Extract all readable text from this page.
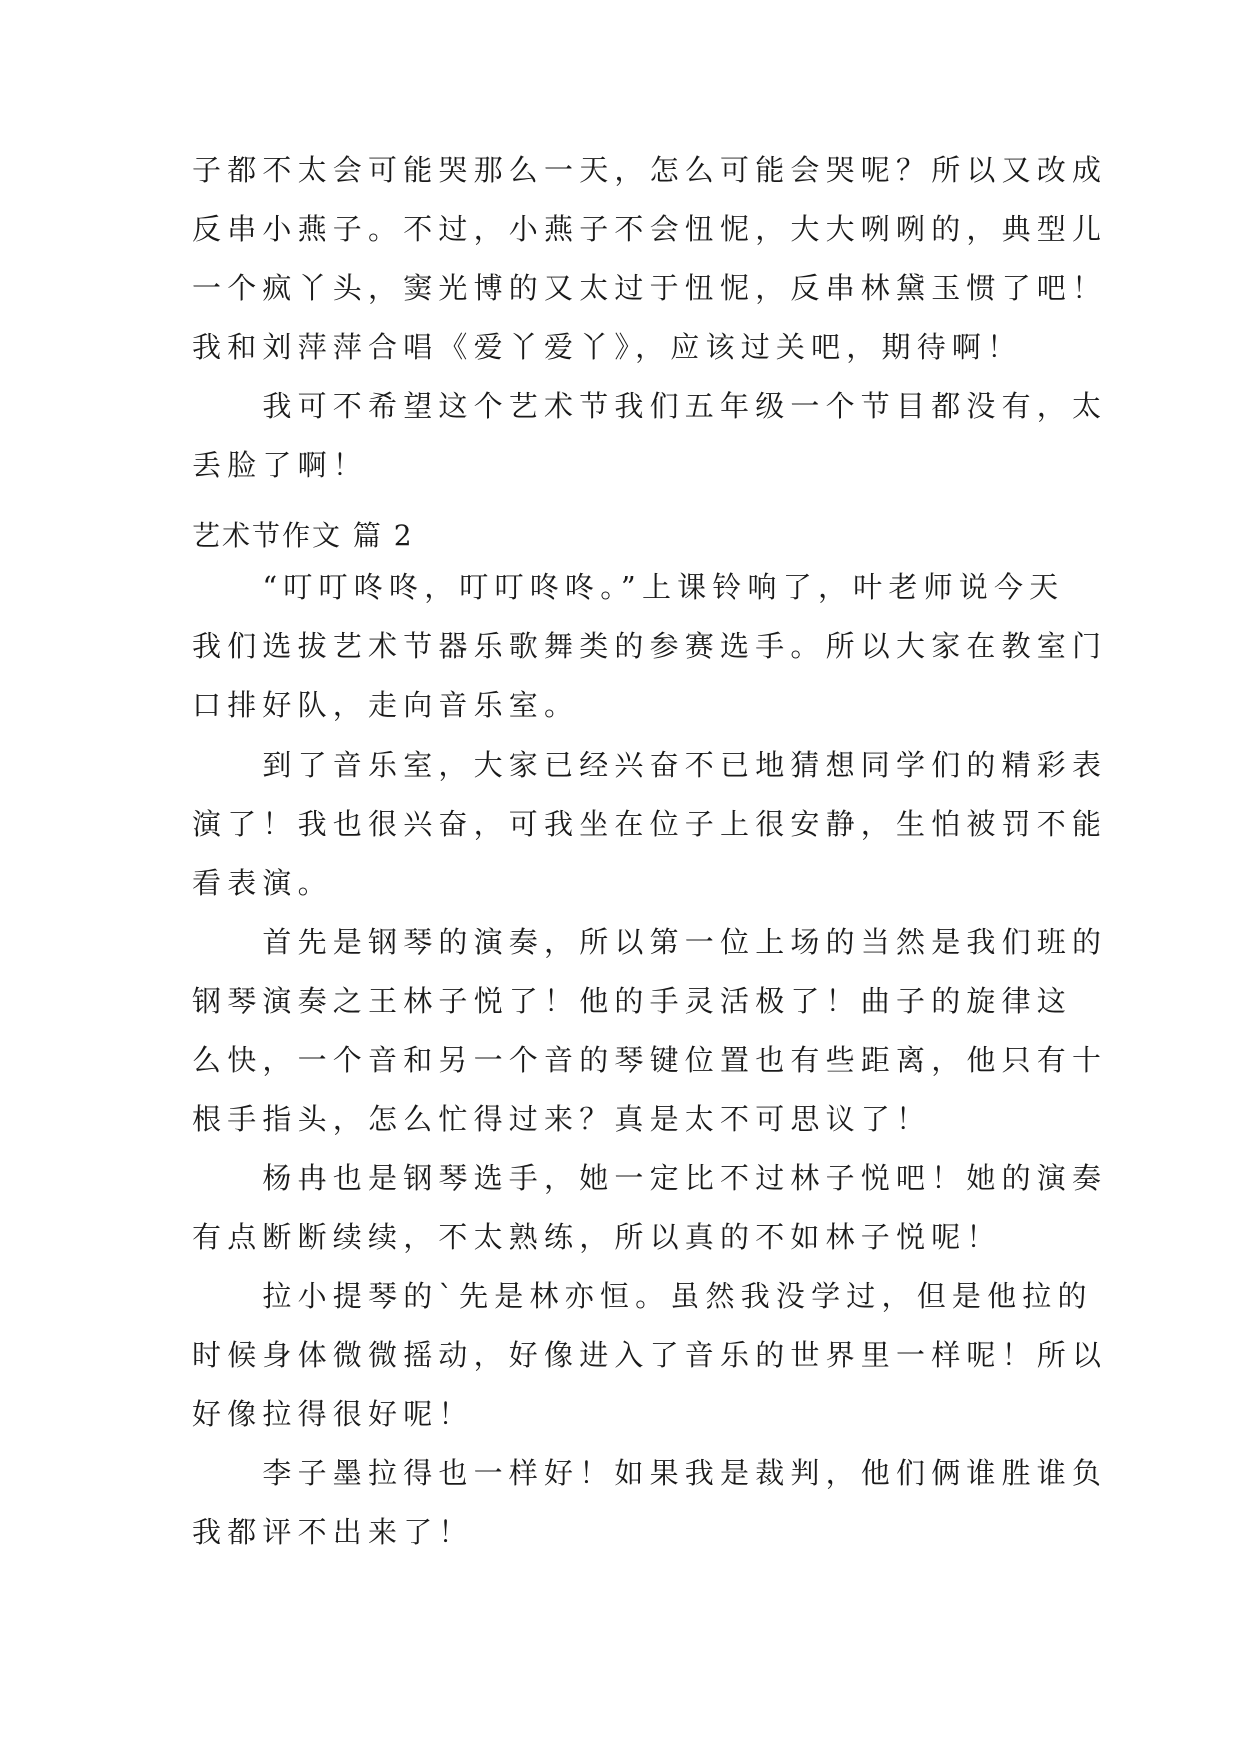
子都不太会可能哭那么一天，怎么可能会哭呢？所以又改成
反串小燕子。不过，小燕子不会忸怩，大大咧咧的，典型儿
一个疯丫头，窦光博的又太过于忸怩，反串林黛玉惯了吧！
我和刘萍萍合唱《爱丫爱丫》，应该过关吧，期待啊！
　　我可不希望这个艺术节我们五年级一个节目都没有，太
丢脸了啊！
艺术节作文 篇 2
　　“叮叮咚咚，叮叮咚咚。”上课铃响了，叶老师说今天
我们选拔艺术节器乐歌舞类的参赛选手。所以大家在教室门
口排好队，走向音乐室。
　　到了音乐室，大家已经兴奋不已地猜想同学们的精彩表
演了！我也很兴奋，可我坐在位子上很安静，生怕被罚不能
看表演。
　　首先是钢琴的演奏，所以第一位上场的当然是我们班的
钢琴演奏之王林子悦了！他的手灵活极了！曲子的旋律这
么快，一个音和另一个音的琴键位置也有些距离，他只有十
根手指头，怎么忙得过来？真是太不可思议了！
　　杨冉也是钢琴选手，她一定比不过林子悦吧！她的演奏
有点断断续续，不太熟练，所以真的不如林子悦呢！
　　拉小提琴的`先是林亦恒。虽然我没学过，但是他拉的
时候身体微微摇动，好像进入了音乐的世界里一样呢！所以
好像拉得很好呢！
　　李子墨拉得也一样好！如果我是裁判，他们俩谁胜谁负
我都评不出来了！
